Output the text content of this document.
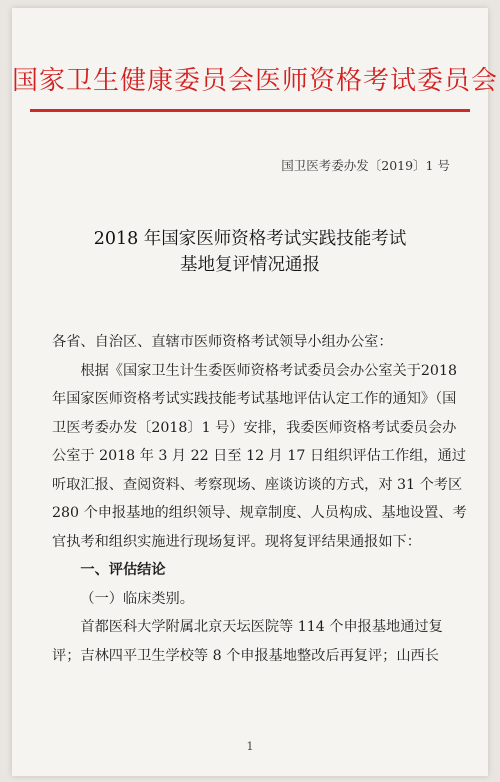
国家卫生健康委员会医师资格考试委员会
国卫医考委办发〔2019〕1 号
2018 年国家医师资格考试实践技能考试
基地复评情况通报

各省、自治区、直辖市医师资格考试领导小组办公室：

根据《国家卫生计生委医师资格考试委员会办公室关于2018 年国家医师资格考试实践技能考试基地评估认定工作的通知》（国卫医考委办发〔2018〕1 号）安排，我委医师资格考试委员会办公室于 2018 年 3 月 22 日至 12 月 17 日组织评估工作组，通过听取汇报、查阅资料、考察现场、座谈访谈的方式，对 31 个考区 280 个申报基地的组织领导、规章制度、人员构成、基地设置、考官执考和组织实施进行现场复评。现将复评结果通报如下：

一、评估结论

（一）临床类别。

首都医科大学附属北京天坛医院等 114 个申报基地通过复评；吉林四平卫生学校等 8 个申报基地整改后再复评；山西长

1
